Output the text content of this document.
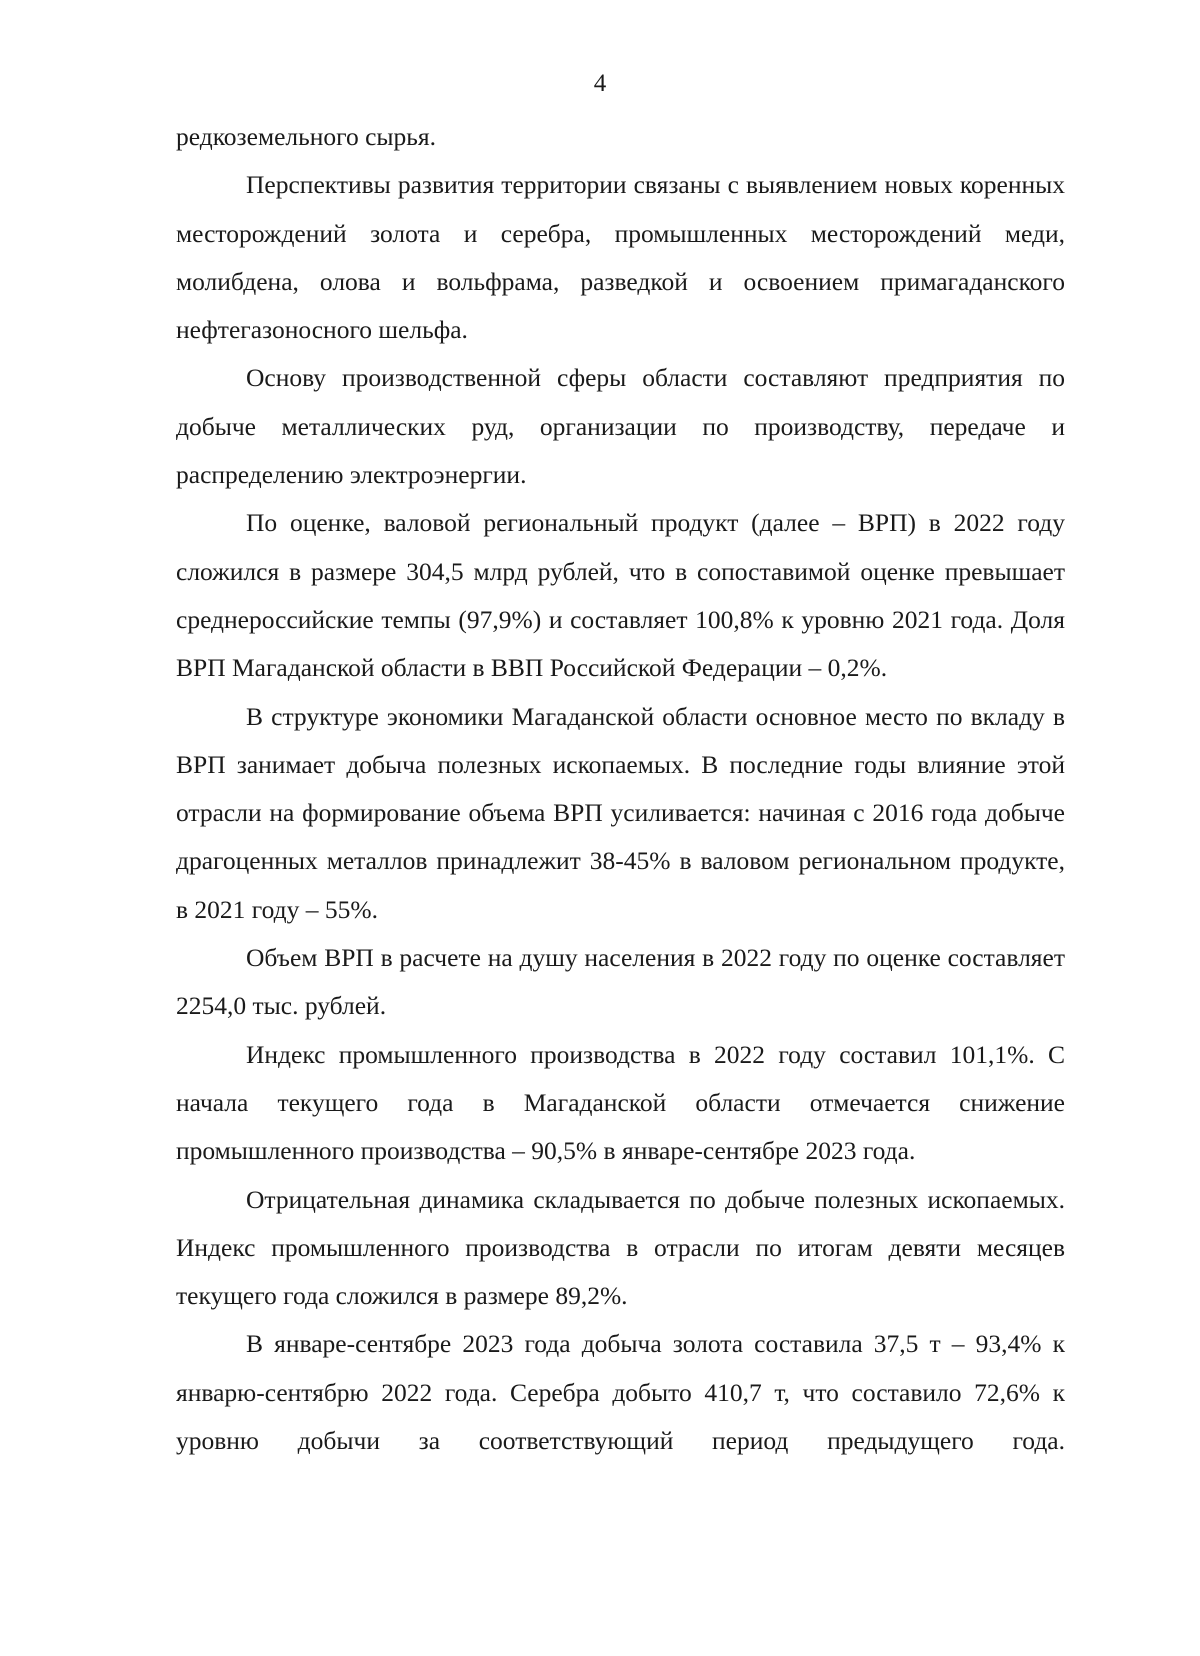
4

редкоземельного сырья.

Перспективы развития территории связаны с выявлением новых коренных месторождений золота и серебра, промышленных месторождений меди, молибдена, олова и вольфрама, разведкой и освоением примагаданского нефтегазоносного шельфа.

Основу производственной сферы области составляют предприятия по добыче металлических руд, организации по производству, передаче и распределению электроэнергии.

По оценке, валовой региональный продукт (далее – ВРП) в 2022 году сложился в размере 304,5 млрд рублей, что в сопоставимой оценке превышает среднероссийские темпы (97,9%) и составляет 100,8% к уровню 2021 года. Доля ВРП Магаданской области в ВВП Российской Федерации – 0,2%.

В структуре экономики Магаданской области основное место по вкладу в ВРП занимает добыча полезных ископаемых. В последние годы влияние этой отрасли на формирование объема ВРП усиливается: начиная с 2016 года добыче драгоценных металлов принадлежит 38-45% в валовом региональном продукте, в 2021 году – 55%.

Объем ВРП в расчете на душу населения в 2022 году по оценке составляет 2254,0 тыс. рублей.

Индекс промышленного производства в 2022 году составил 101,1%. С начала текущего года в Магаданской области отмечается снижение промышленного производства – 90,5% в январе-сентябре 2023 года.

Отрицательная динамика складывается по добыче полезных ископаемых. Индекс промышленного производства в отрасли по итогам девяти месяцев текущего года сложился в размере 89,2%.

В январе-сентябре 2023 года добыча золота составила 37,5 т – 93,4% к январю-сентябрю 2022 года. Серебра добыто 410,7 т, что составило 72,6% к уровню добычи за соответствующий период предыдущего года.
